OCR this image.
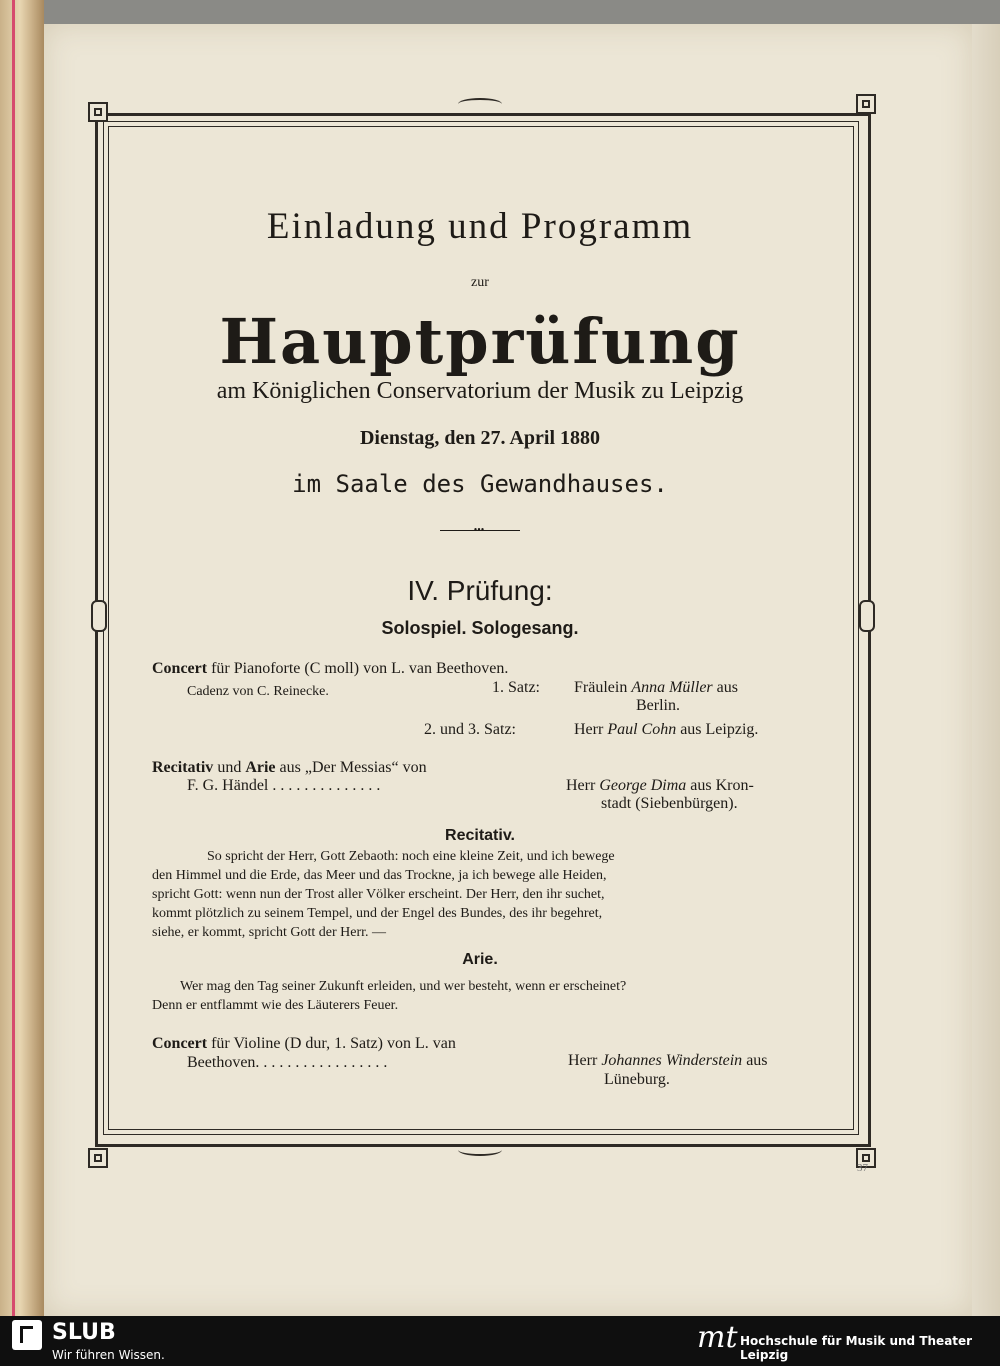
Einladung und Programm
zur
Hauptprüfung
am Königlichen Conservatorium der Musik zu Leipzig
Dienstag, den 27. April 1880
im Saale des Gewandhauses.
•••
IV. Prüfung:
Solospiel. Sologesang.
Concert für Pianoforte (C moll) von L. van Beethoven.
Cadenz von C. Reinecke.	1. Satz: Fräulein Anna Müller aus
Berlin.
2. und 3. Satz:	Herr Paul Cohn aus Leipzig.
Recitativ und Arie aus „Der Messias“ von
F. G. Händel . . . . . . . . . . . . . .	Herr George Dima aus Kron-
stadt (Siebenbürgen).
Recitativ.
So spricht der Herr, Gott Zebaoth: noch eine kleine Zeit, und ich bewege
den Himmel und die Erde, das Meer und das Trockne, ja ich bewege alle Heiden,
spricht Gott: wenn nun der Trost aller Völker erscheint. Der Herr, den ihr suchet,
kommt plötzlich zu seinem Tempel, und der Engel des Bundes, des ihr begehret,
siehe, er kommt, spricht Gott der Herr. —
Arie.
Wer mag den Tag seiner Zukunft erleiden, und wer besteht, wenn er erscheinet?
Denn er entflammt wie des Läuterers Feuer.
Concert für Violine (D dur, 1. Satz) von L. van
Beethoven. . . . . . . . . . . . . . . . .	Herr Johannes Winderstein aus
Lüneburg.
37
SLUB
Wir führen Wissen.	mt Hochschule für Musik und Theater Leipzig
